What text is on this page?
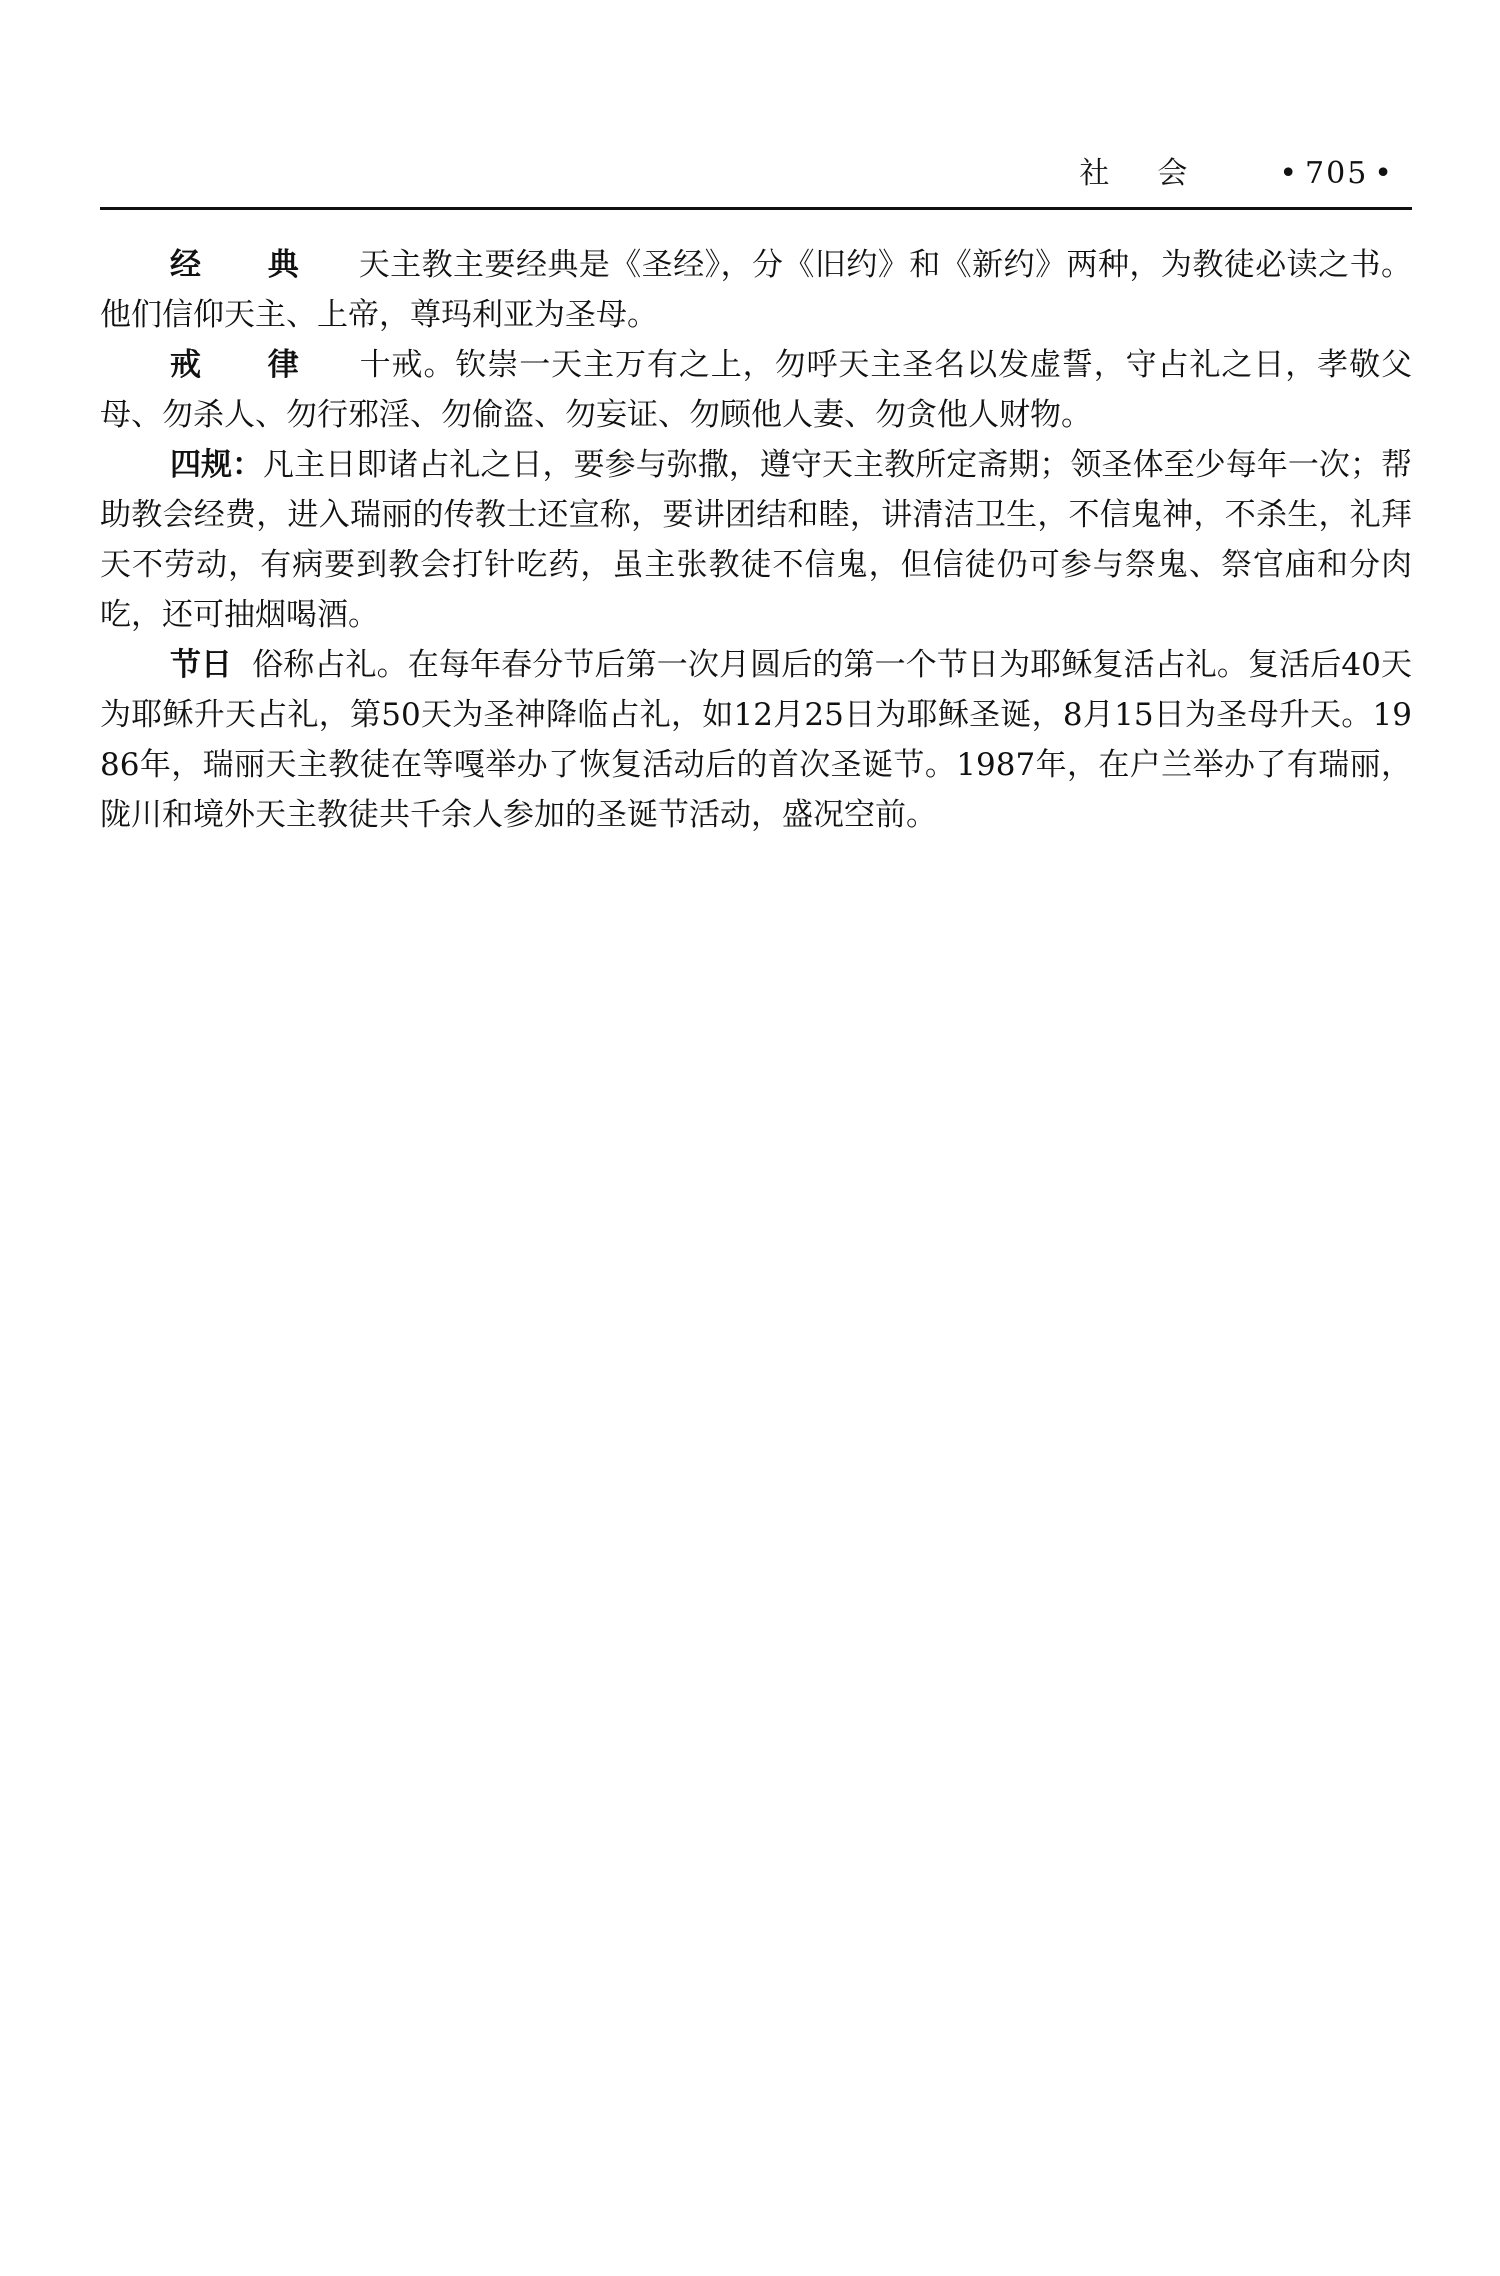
社会 • 705 •

经 典　 天主教主要经典是《圣经》，分《旧约》和《新约》两种，为教徒必读之书。他们信仰天主、上帝，尊玛利亚为圣母。

戒 律　 十戒。钦崇一天主万有之上，勿呼天主圣名以发虚誓，守占礼之日，孝敬父母、勿杀人、勿行邪淫、勿偷盗、勿妄证、勿顾他人妻、勿贪他人财物。

四规：凡主日即诸占礼之日，要参与弥撒，遵守天主教所定斋期；领圣体至少每年一次；帮助教会经费，进入瑞丽的传教士还宣称，要讲团结和睦，讲清洁卫生，不信鬼神，不杀生，礼拜天不劳动，有病要到教会打针吃药，虽主张教徒不信鬼，但信徒仍可参与祭鬼、祭官庙和分肉吃，还可抽烟喝酒。

节日 俗称占礼。在每年春分节后第一次月圆后的第一个节日为耶稣复活占礼。复活后40天为耶稣升天占礼，第50天为圣神降临占礼，如12月25日为耶稣圣诞，8月15日为圣母升天。1986年，瑞丽天主教徒在等嘎举办了恢复活动后的首次圣诞节。1987年，在户兰举办了有瑞丽，陇川和境外天主教徒共千余人参加的圣诞节活动，盛况空前。
